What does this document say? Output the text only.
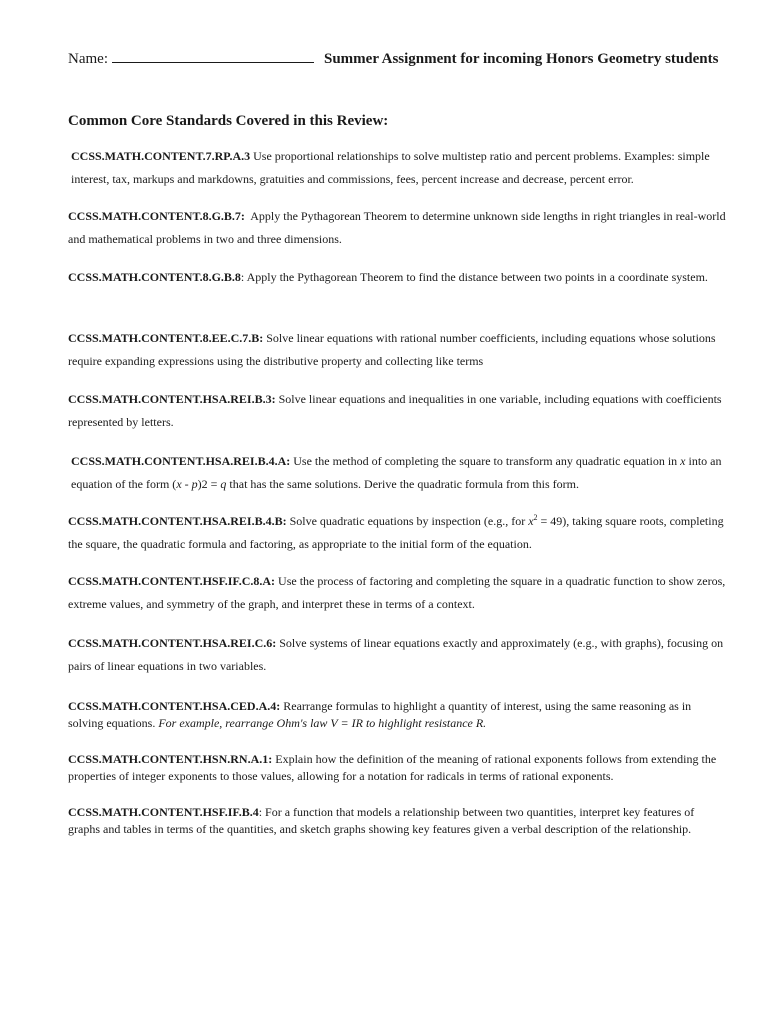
Name:	Summer Assignment for incoming Honors Geometry students
Common Core Standards Covered in this Review:

CCSS.MATH.CONTENT.7.RP.A.3 Use proportional relationships to solve multistep ratio and percent problems. Examples: simple interest, tax, markups and markdowns, gratuities and commissions, fees, percent increase and decrease, percent error.

CCSS.MATH.CONTENT.8.G.B.7: Apply the Pythagorean Theorem to determine unknown side lengths in right triangles in real-world and mathematical problems in two and three dimensions.

CCSS.MATH.CONTENT.8.G.B.8: Apply the Pythagorean Theorem to find the distance between two points in a coordinate system.

CCSS.MATH.CONTENT.8.EE.C.7.B: Solve linear equations with rational number coefficients, including equations whose solutions require expanding expressions using the distributive property and collecting like terms

CCSS.MATH.CONTENT.HSA.REI.B.3: Solve linear equations and inequalities in one variable, including equations with coefficients represented by letters.

CCSS.MATH.CONTENT.HSA.REI.B.4.A: Use the method of completing the square to transform any quadratic equation in x into an equation of the form (x - p)2 = q that has the same solutions. Derive the quadratic formula from this form.

CCSS.MATH.CONTENT.HSA.REI.B.4.B: Solve quadratic equations by inspection (e.g., for $x^2 = 49$), taking square roots, completing the square, the quadratic formula and factoring, as appropriate to the initial form of the equation.

CCSS.MATH.CONTENT.HSF.IF.C.8.A: Use the process of factoring and completing the square in a quadratic function to show zeros, extreme values, and symmetry of the graph, and interpret these in terms of a context.

CCSS.MATH.CONTENT.HSA.REI.C.6: Solve systems of linear equations exactly and approximately (e.g., with graphs), focusing on pairs of linear equations in two variables.

CCSS.MATH.CONTENT.HSA.CED.A.4: Rearrange formulas to highlight a quantity of interest, using the same reasoning as in solving equations. For example, rearrange Ohm's law V = IR to highlight resistance R.

CCSS.MATH.CONTENT.HSN.RN.A.1: Explain how the definition of the meaning of rational exponents follows from extending the properties of integer exponents to those values, allowing for a notation for radicals in terms of rational exponents.

CCSS.MATH.CONTENT.HSF.IF.B.4: For a function that models a relationship between two quantities, interpret key features of graphs and tables in terms of the quantities, and sketch graphs showing key features given a verbal description of the relationship.
